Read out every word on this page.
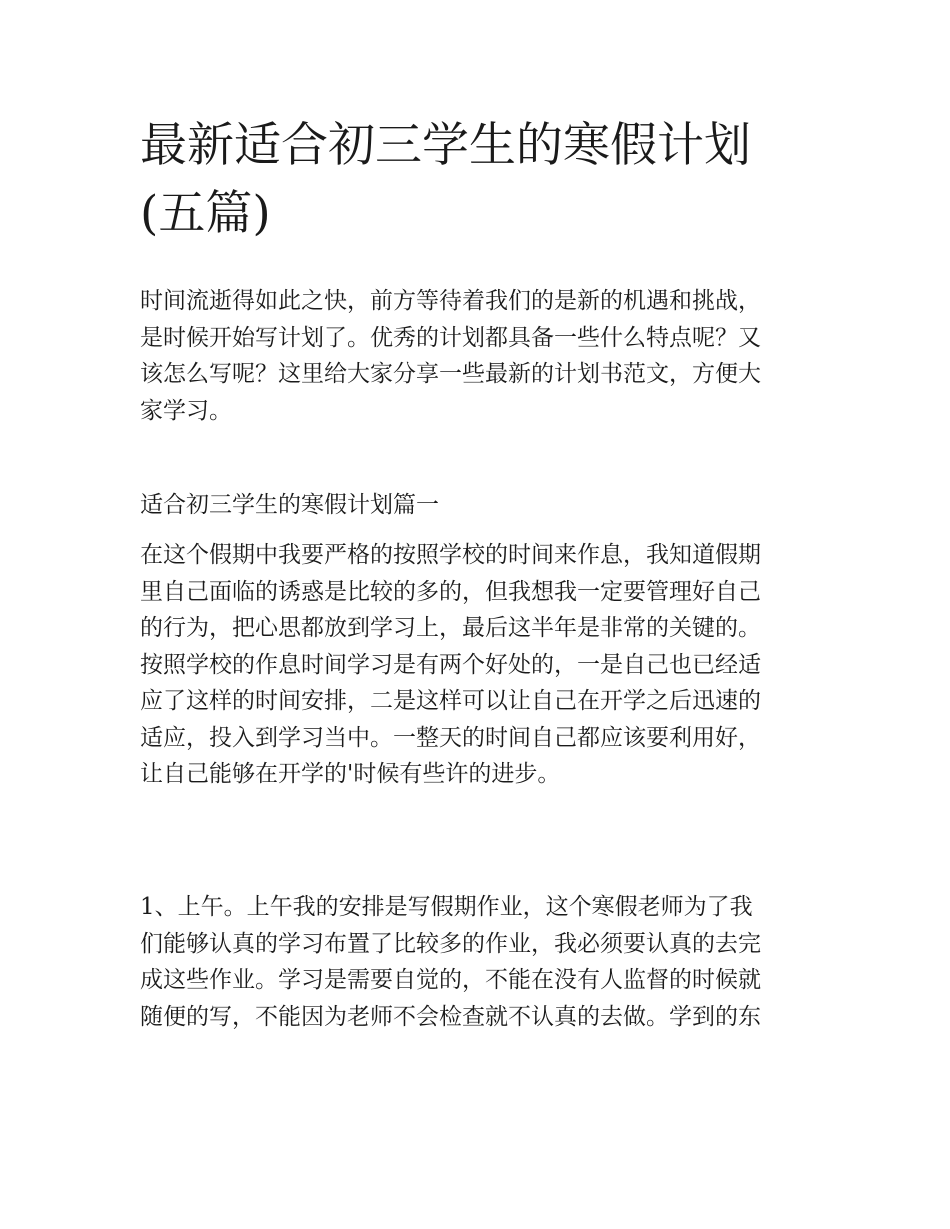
最新适合初三学生的寒假计划
(五篇)
时间流逝得如此之快，前方等待着我们的是新的机遇和挑战，
是时候开始写计划了。优秀的计划都具备一些什么特点呢？又
该怎么写呢？这里给大家分享一些最新的计划书范文，方便大
家学习。
适合初三学生的寒假计划篇一
在这个假期中我要严格的按照学校的时间来作息，我知道假期
里自己面临的诱惑是比较的多的，但我想我一定要管理好自己
的行为，把心思都放到学习上，最后这半年是非常的关键的。
按照学校的作息时间学习是有两个好处的，一是自己也已经适
应了这样的时间安排，二是这样可以让自己在开学之后迅速的
适应，投入到学习当中。一整天的时间自己都应该要利用好，
让自己能够在开学的'时候有些许的进步。
1、上午。上午我的安排是写假期作业，这个寒假老师为了我
们能够认真的学习布置了比较多的作业，我必须要认真的去完
成这些作业。学习是需要自觉的，不能在没有人监督的时候就
随便的写，不能因为老师不会检查就不认真的去做。学到的东
